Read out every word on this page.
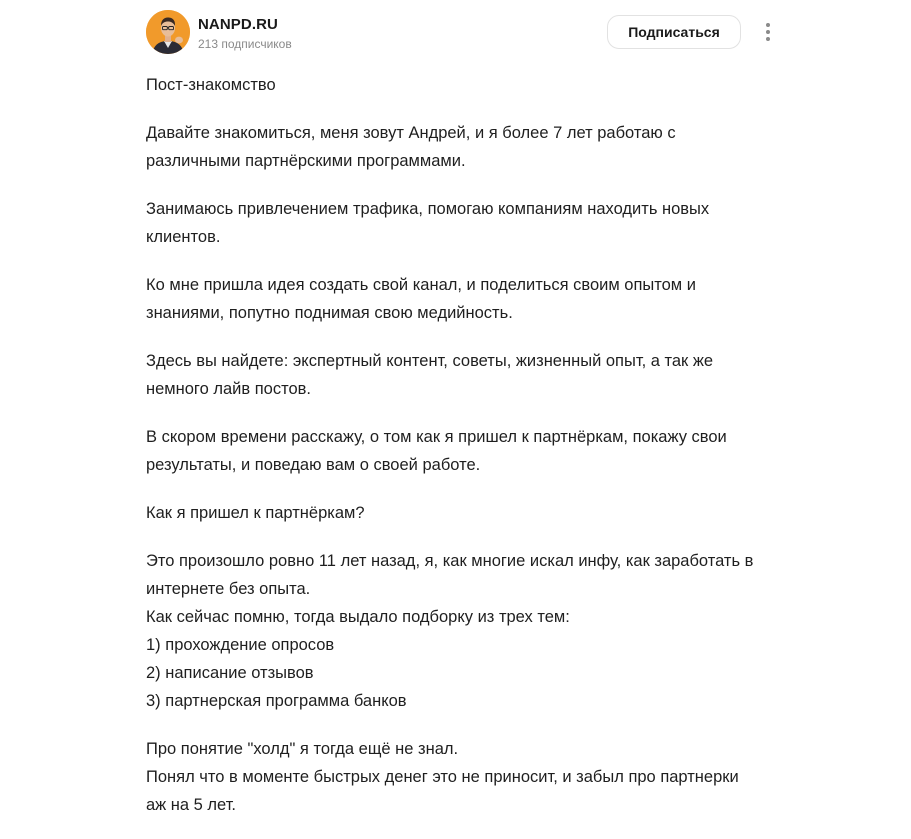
NANPD.RU
213 подписчиков
Подписаться

Пост-знакомство

Давайте знакомиться, меня зовут Андрей, и я более 7 лет работаю с
различными партнёрскими программами.

Занимаюсь привлечением трафика, помогаю компаниям находить новых
клиентов.

Ко мне пришла идея создать свой канал, и поделиться своим опытом и
знаниями, попутно поднимая свою медийность.

Здесь вы найдете: экспертный контент, советы, жизненный опыт, а так же
немного лайв постов.

В скором времени расскажу, о том как я пришел к партнёркам, покажу свои
результаты, и поведаю вам о своей работе.

Как я пришел к партнёркам?

Это произошло ровно 11 лет назад, я, как многие искал инфу, как заработать в
интернете без опыта.
Как сейчас помню, тогда выдало подборку из трех тем:
1) прохождение опросов
2) написание отзывов
3) партнерская программа банков

Про понятие "холд" я тогда ещё не знал.
Понял что в моменте быстрых денег это не приносит, и забыл про партнерки
аж на 5 лет.
